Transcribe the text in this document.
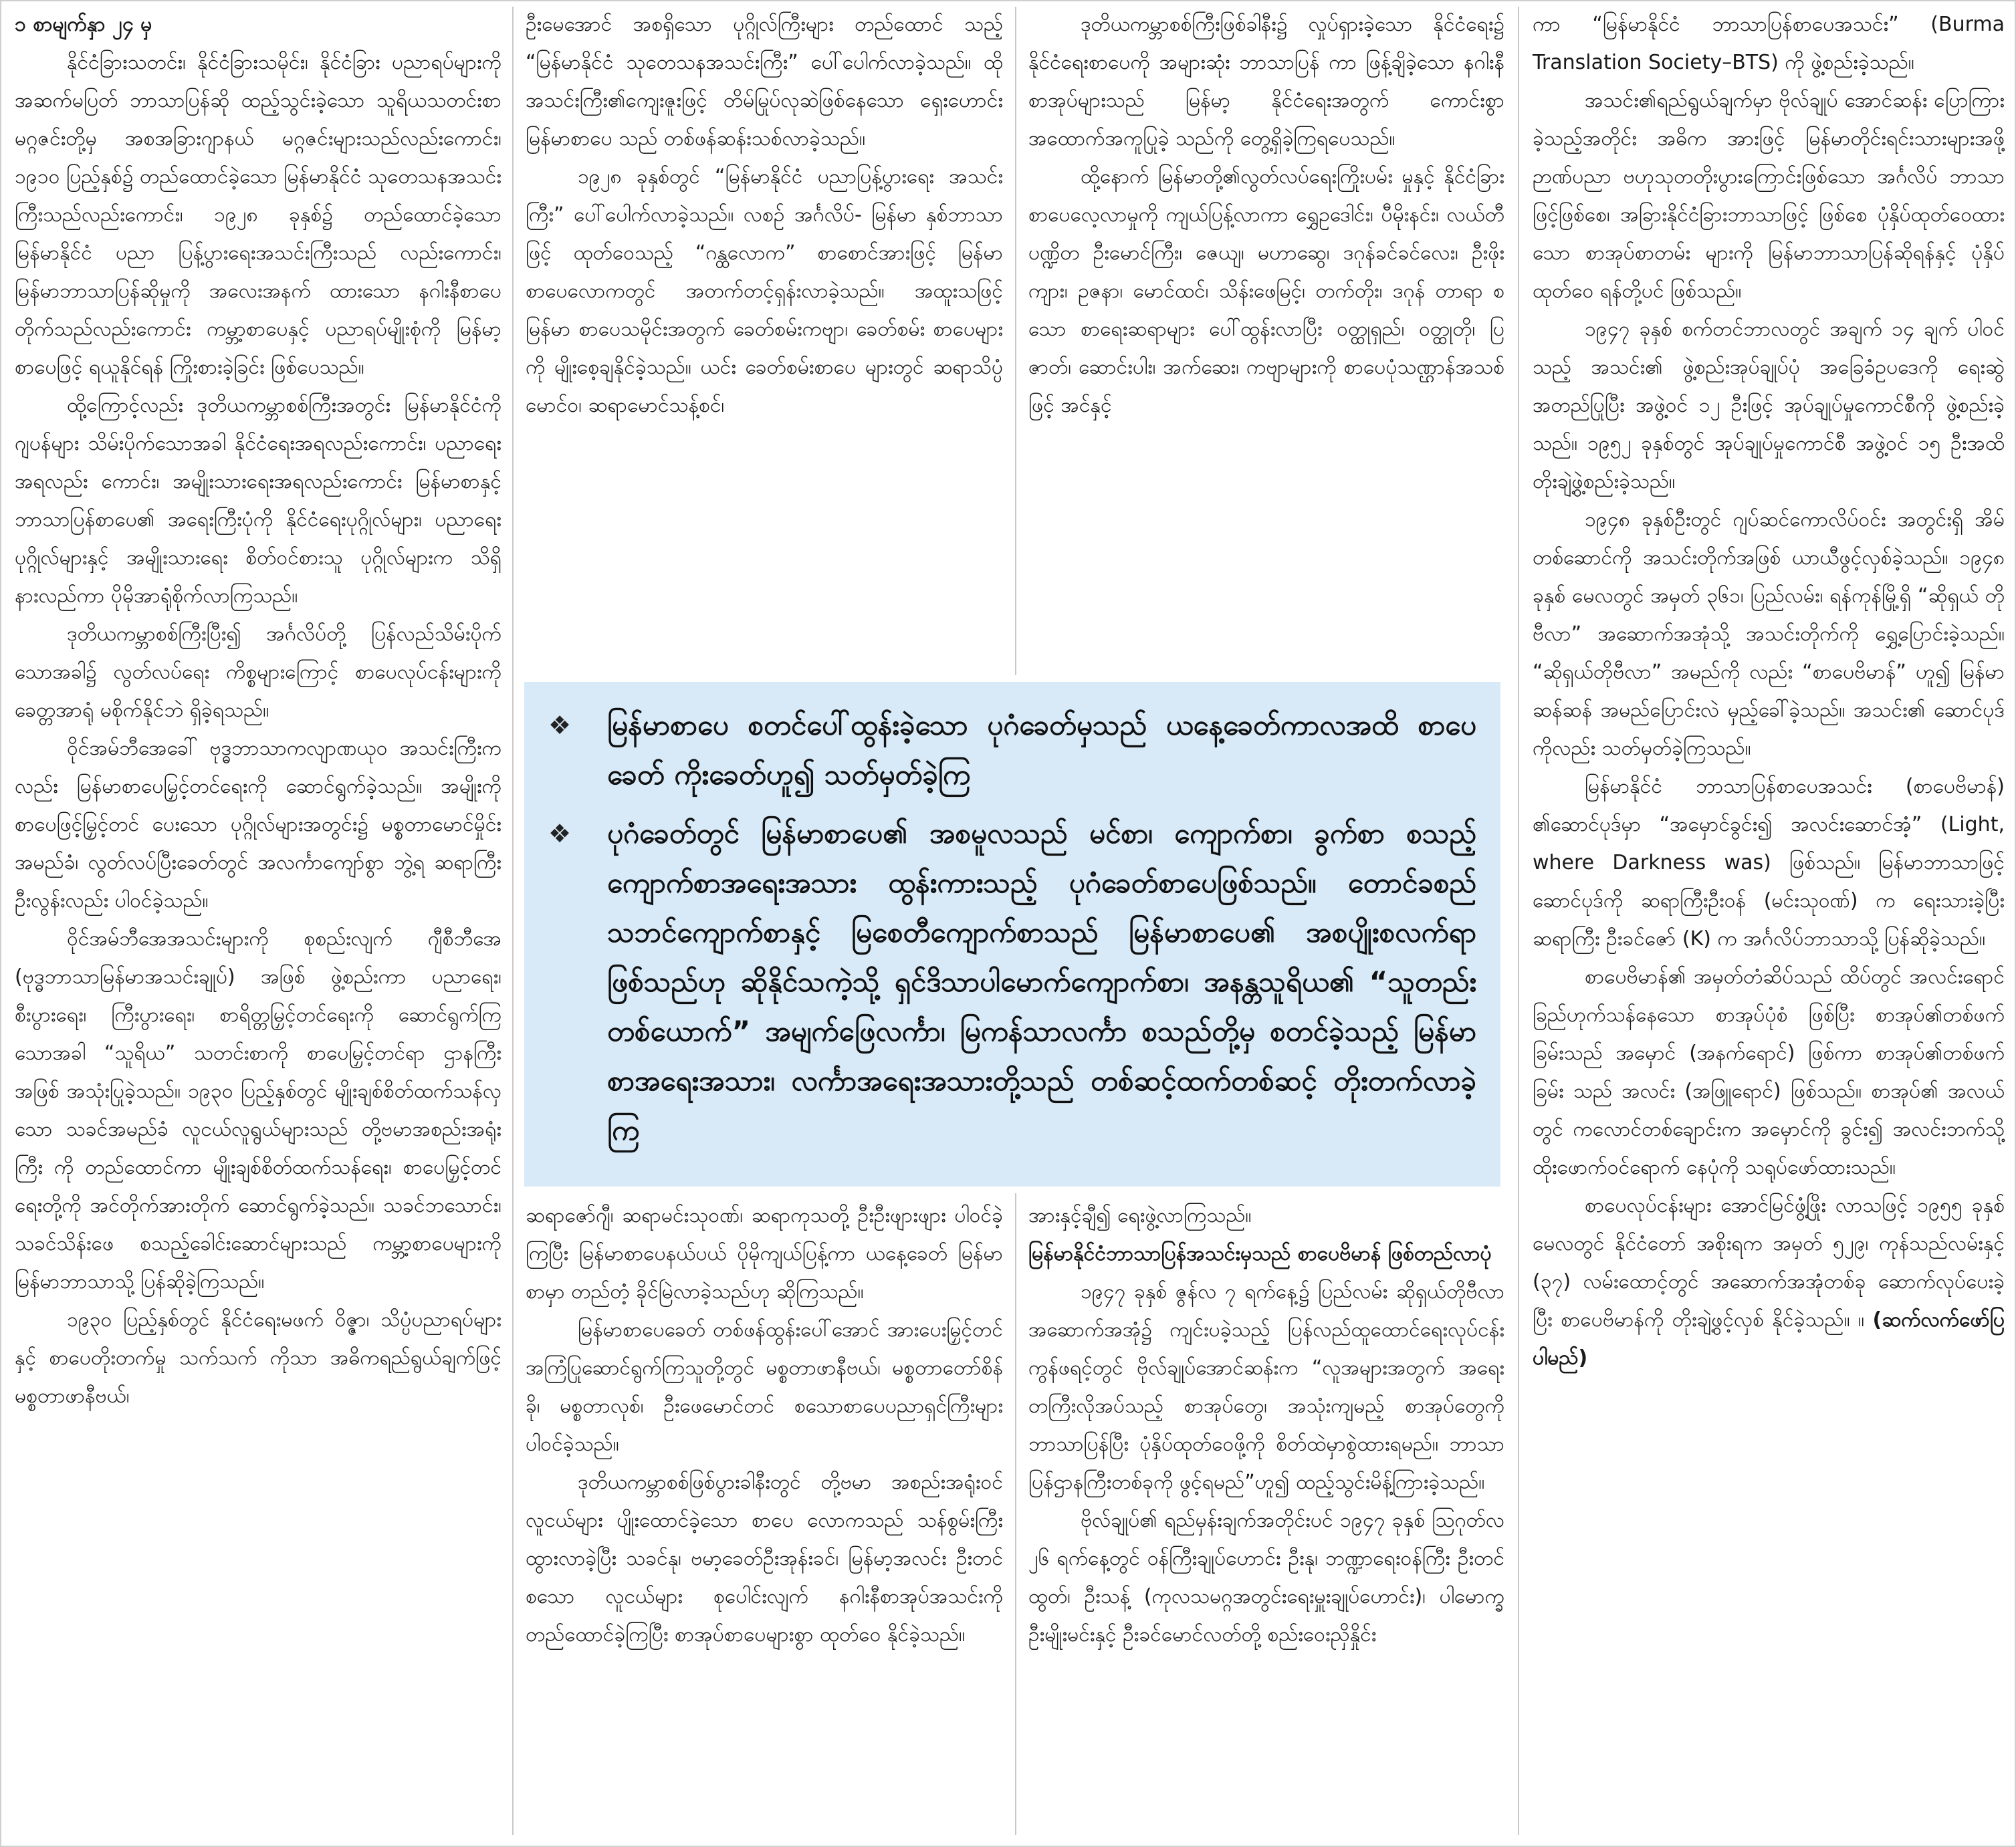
⁠၁ စာမျက်နှာ ၂၄ မှ

နိုင်ငံခြားသတင်း၊ နိုင်ငံခြားသမိုင်း၊ နိုင်ငံခြား ပညာရပ်များကို အဆက်မပြတ် ဘာသာပြန်ဆို ထည့်သွင်းခဲ့သော သူရိယသတင်းစာ မဂ္ဂဇင်းတို့မှ အစအခြားဂျာနယ် မဂ္ဂဇင်းများသည်လည်းကောင်း၊ ၁၉၁၀ ပြည့်နှစ်၌ တည်ထောင်ခဲ့သော မြန်မာနိုင်ငံ သုတေသနအသင်းကြီးသည်လည်းကောင်း၊ ၁၉၂၈ ခုနှစ်၌ တည်ထောင်ခဲ့သော မြန်မာနိုင်ငံ ပညာ ပြန့်ပွားရေးအသင်းကြီးသည် လည်းကောင်း၊ မြန်မာဘာသာပြန်ဆိုမှုကို အလေးအနက် ထားသော နဂါးနီစာပေတိုက်သည်လည်းကောင်း ကမ္ဘာ့စာပေနှင့် ပညာရပ်မျိုးစုံကို မြန်မာ့စာပေဖြင့် ရယူနိုင်ရန် ကြိုးစားခဲ့ခြင်း ဖြစ်ပေသည်။

ထို့ကြောင့်လည်း ဒုတိယကမ္ဘာစစ်ကြီးအတွင်း မြန်မာနိုင်ငံကို ဂျပန်များ သိမ်းပိုက်သောအခါ နိုင်ငံရေးအရလည်းကောင်း၊ ပညာရေးအရလည်း ကောင်း၊ အမျိုးသားရေးအရလည်းကောင်း မြန်မာစာနှင့် ဘာသာပြန်စာပေ၏ အရေးကြီးပုံကို နိုင်ငံရေးပုဂ္ဂိုလ်များ၊ ပညာရေးပုဂ္ဂိုလ်များနှင့် အမျိုးသားရေး စိတ်ဝင်စားသူ ပုဂ္ဂိုလ်များက သိရှိနားလည်ကာ ပိုမိုအာရုံစိုက်လာကြသည်။

ဒုတိယကမ္ဘာစစ်ကြီးပြီး၍ အင်္ဂလိပ်တို့ ပြန်လည်သိမ်းပိုက်သောအခါ၌ လွတ်လပ်ရေး ကိစ္စများကြောင့် စာပေလုပ်ငန်းများကို ခေတ္တအာရုံ မစိုက်နိုင်ဘဲ ရှိခဲ့ရသည်။

ဝိုင်အမ်ဘီအေခေါ် ဗုဒ္ဓဘာသာကလျာဏယုဝ အသင်းကြီးကလည်း မြန်မာစာပေမြှင့်တင်ရေးကို ဆောင်ရွက်ခဲ့သည်။ အမျိုးကို စာပေဖြင့်မြှင့်တင် ပေးသော ပုဂ္ဂိုလ်များအတွင်း၌ မစ္စတာမောင်မှိုင်း အမည်ခံ၊ လွတ်လပ်ပြီးခေတ်တွင် အလင်္ကာကျော်စွာ ဘွဲ့ရ ဆရာကြီးဦးလွန်းလည်း ပါဝင်ခဲ့သည်။

ဝိုင်အမ်ဘီအေအသင်းများကို စုစည်းလျက် ဂျီစီဘီအေ (ဗုဒ္ဓဘာသာမြန်မာအသင်းချုပ်) အဖြစ် ဖွဲ့စည်းကာ ပညာရေး၊ စီးပွားရေး၊ ကြီးပွားရေး၊ စာရိတ္တမြှင့်တင်ရေးကို ဆောင်ရွက်ကြသောအခါ “သူရိယ” သတင်းစာကို စာပေမြှင့်တင်ရာ ဌာနကြီး အဖြစ် အသုံးပြုခဲ့သည်။ ၁၉၃၀ ပြည့်နှစ်တွင် မျိုးချစ်စိတ်ထက်သန်လှသော သခင်အမည်ခံ လူငယ်လူရွယ်များသည် တို့ဗမာအစည်းအရုံးကြီး ကို တည်ထောင်ကာ မျိုးချစ်စိတ်ထက်သန်ရေး၊ စာပေမြှင့်တင်ရေးတို့ကို အင်တိုက်အားတိုက် ဆောင်ရွက်ခဲ့သည်။ သခင်ဘသောင်း၊ သခင်သိန်းဖေ စသည့်ခေါင်းဆောင်များသည် ကမ္ဘာ့စာပေများကို မြန်မာဘာသာသို့ ပြန်ဆိုခဲ့ကြသည်။

၁၉၃၀ ပြည့်နှစ်တွင် နိုင်ငံရေးမဖက် ဝိဇ္ဇာ၊ သိပ္ပံပညာရပ်များနှင့် စာပေတိုးတက်မှု သက်သက် ကိုသာ အဓိကရည်ရွယ်ချက်ဖြင့် မစ္စတာဖာနီဗယ်၊

ဦးမေအောင် အစရှိသော ပုဂ္ဂိုလ်ကြီးများ တည်ထောင် သည့် “မြန်မာနိုင်ငံ သုတေသနအသင်းကြီး” ပေါ်ပေါက်လာခဲ့သည်။ ထိုအသင်းကြီး၏ကျေးဇူးဖြင့် တိမ်မြုပ်လုဆဲဖြစ်နေသော ရှေးဟောင်းမြန်မာစာပေ သည် တစ်ဖန်ဆန်းသစ်လာခဲ့သည်။

၁၉၂၈ ခုနှစ်တွင် “မြန်မာနိုင်ငံ ပညာပြန့်ပွားရေး အသင်းကြီး” ပေါ်ပေါက်လာခဲ့သည်။ လစဉ် အင်္ဂလိပ်- မြန်မာ နှစ်ဘာသာဖြင့် ထုတ်ဝေသည့် “ဂန္ထလောက” စာစောင်အားဖြင့် မြန်မာစာပေလောကတွင် အတက်တင့်ရှန်းလာခဲ့သည်။ အထူးသဖြင့် မြန်မာ စာပေသမိုင်းအတွက် ခေတ်စမ်းကဗျာ၊ ခေတ်စမ်း စာပေများကို မျိုးစေ့ချနိုင်ခဲ့သည်။ ယင်း ခေတ်စမ်းစာပေ များတွင် ဆရာသိပ္ပံမောင်ဝ၊ ဆရာမောင်သန့်စင်၊

ဒုတိယကမ္ဘာစစ်ကြီးဖြစ်ခါနီး၌ လှုပ်ရှားခဲ့သော နိုင်ငံရေး၌ နိုင်ငံရေးစာပေကို အများဆုံး ဘာသာပြန် ကာ ဖြန့်ချိခဲ့သော နဂါးနီစာအုပ်များသည် မြန်မာ့ နိုင်ငံရေးအတွက် ကောင်းစွာအထောက်အကူပြုခဲ့ သည်ကို တွေ့ရှိခဲ့ကြရပေသည်။

ထို့နောက် မြန်မာတို့၏လွတ်လပ်ရေးကြိုးပမ်း မှုနှင့် နိုင်ငံခြားစာပေလေ့လာမှုကို ကျယ်ပြန့်လာကာ ရွှေဥဒေါင်း၊ ပီမိုးနင်း၊ လယ်တီပဏ္ဍိတ ဦးမောင်ကြီး၊ ဇေယျ၊ မဟာဆွေ၊ ဒဂုန်ခင်ခင်လေး၊ ဦးဖိုးကျား၊ ဥဇနာ၊ မောင်ထင်၊ သိန်းဖေမြင့်၊ တက်တိုး၊ ဒဂုန် တာရာ စသော စာရေးဆရာများ ပေါ်ထွန်းလာပြီး ဝတ္ထုရှည်၊ ဝတ္ထုတို၊ ပြဇာတ်၊ ဆောင်းပါး၊ အက်ဆေး၊ ကဗျာများကို စာပေပုံသဏ္ဌာန်အသစ်ဖြင့် အင်နှင့်

ကာ “မြန်မာနိုင်ငံ ဘာသာပြန်စာပေအသင်း” (Burma Translation Society–BTS) ကို ဖွဲ့စည်းခဲ့သည်။

အသင်း၏ရည်ရွယ်ချက်မှာ ဗိုလ်ချုပ် အောင်ဆန်း ပြောကြားခဲ့သည့်အတိုင်း အဓိက အားဖြင့် မြန်မာတိုင်းရင်းသားများအဖို့ ဉာဏ်ပညာ ဗဟုသုတတိုးပွားကြောင်းဖြစ်သော အင်္ဂလိပ် ဘာသာဖြင့်ဖြစ်စေ၊ အခြားနိုင်ငံခြားဘာသာဖြင့် ဖြစ်စေ ပုံနှိပ်ထုတ်ဝေထားသော စာအုပ်စာတမ်း များကို မြန်မာဘာသာပြန်ဆိုရန်နှင့် ပုံနှိပ်ထုတ်ဝေ ရန်တို့ပင် ဖြစ်သည်။

၁၉၄၇ ခုနှစ် စက်တင်ဘာလတွင် အချက် ၁၄ ချက် ပါဝင်သည့် အသင်း၏ ဖွဲ့စည်းအုပ်ချုပ်ပုံ အခြေခံဥပဒေကို ရေးဆွဲအတည်ပြုပြီး အဖွဲ့ဝင် ၁၂ ဦးဖြင့် အုပ်ချုပ်မှုကောင်စီကို ဖွဲ့စည်းခဲ့သည်။ ၁၉၅၂ ခုနှစ်တွင် အုပ်ချုပ်မှုကောင်စီ အဖွဲ့ဝင် ၁၅ ဦးအထိ တိုးချဲ့ဖွဲ့စည်းခဲ့သည်။

၁၉၄၈ ခုနှစ်ဦးတွင် ဂျပ်ဆင်ကောလိပ်ဝင်း အတွင်းရှိ အိမ်တစ်ဆောင်ကို အသင်းတိုက်အဖြစ် ယာယီဖွင့်လှစ်ခဲ့သည်။ ၁၉၄၈ ခုနှစ် မေလတွင် အမှတ် ၃၆၁၊ ပြည်လမ်း၊ ရန်ကုန်မြို့ရှိ “ဆိုရှယ် တိုဗီလာ” အဆောက်အအုံသို့ အသင်းတိုက်ကို ရွှေ့ပြောင်းခဲ့သည်။ “ဆိုရှယ်တိုဗီလာ” အမည်ကို လည်း “စာပေဗိမာန်” ဟူ၍ မြန်မာဆန်ဆန် အမည်ပြောင်းလဲ မှည့်ခေါ်ခဲ့သည်။ အသင်း၏ ဆောင်ပုဒ်ကိုလည်း သတ်မှတ်ခဲ့ကြသည်။

မြန်မာနိုင်ငံ ဘာသာပြန်စာပေအသင်း (စာပေဗိမာန်) ၏ဆောင်ပုဒ်မှာ “အမှောင်ခွင်း၍ အလင်းဆောင်အံ့” (Light, where Darkness was) ဖြစ်သည်။ မြန်မာဘာသာဖြင့် ဆောင်ပုဒ်ကို ဆရာကြီးဦးဝန် (မင်းသုဝဏ်) က ရေးသားခဲ့ပြီး ဆရာကြီး ဦးခင်ဇော် (K) က အင်္ဂလိပ်ဘာသာသို့ ပြန်ဆိုခဲ့သည်။

စာပေဗိမာန်၏ အမှတ်တံဆိပ်သည် ထိပ်တွင် အလင်းရောင်ခြည်ဟုက်သန်နေသော စာအုပ်ပုံစံ ဖြစ်ပြီး စာအုပ်၏တစ်ဖက်ခြမ်းသည် အမှောင် (အနက်ရောင်) ဖြစ်ကာ စာအုပ်၏တစ်ဖက်ခြမ်း သည် အလင်း (အဖြူရောင်) ဖြစ်သည်။ စာအုပ်၏ အလယ်တွင် ကလောင်တစ်ချောင်းက အမှောင်ကို ခွင်း၍ အလင်းဘက်သို့ ထိုးဖောက်ဝင်ရောက် နေပုံကို သရုပ်ဖော်ထားသည်။

စာပေလုပ်ငန်းများ အောင်မြင်ဖွံ့ဖြိုး လာသဖြင့် ၁၉၅၅ ခုနှစ် မေလတွင် နိုင်ငံတော် အစိုးရက အမှတ် ၅၂၉၊ ကုန်သည်လမ်းနှင့် (၃၇) လမ်းထောင့်တွင် အဆောက်အအုံတစ်ခု ဆောက်လုပ်ပေးခဲ့ပြီး စာပေဗိမာန်ကို တိုးချဲ့ဖွင့်လှစ် နိုင်ခဲ့သည်။ ။ (ဆက်လက်ဖော်ပြပါမည်)

❖	မြန်မာစာပေ စတင်ပေါ်ထွန်းခဲ့သော ပုဂံခေတ်မှသည် ယနေ့ခေတ်ကာလအထိ စာပေခေတ် ကိုးခေတ်ဟူ၍ သတ်မှတ်ခဲ့ကြ
❖	ပုဂံခေတ်တွင် မြန်မာစာပေ၏ အစမူလသည် မင်စာ၊ ကျောက်စာ၊ ခွက်စာ စသည့်ကျောက်စာအရေးအသား ထွန်းကားသည့် ပုဂံခေတ်စာပေဖြစ်သည်။ တောင်ခစည်သဘင်ကျောက်စာနှင့် မြစေတီကျောက်စာသည် မြန်မာစာပေ၏ အစပျိုးစလက်ရာဖြစ်သည်ဟု ဆိုနိုင်သကဲ့သို့ ရှင်ဒိသာပါမောက်ကျောက်စာ၊ အနန္တသူရိယ၏ “သူတည်းတစ်ယောက်” အမျက်ဖြေလင်္ကာ၊ မြကန်သာလင်္ကာ စသည်တို့မှ စတင်ခဲ့သည့် မြန်မာစာအရေးအသား၊ လင်္ကာအရေးအသားတို့သည် တစ်ဆင့်ထက်တစ်ဆင့် တိုးတက်လာခဲ့ကြ

ဆရာဇော်ဂျီ၊ ဆရာမင်းသုဝဏ်၊ ဆရာကုသတို့ ဦးဦးဖျားဖျား ပါဝင်ခဲ့ကြပြီး မြန်မာစာပေနယ်ပယ် ပိုမိုကျယ်ပြန့်ကာ ယနေ့ခေတ် မြန်မာစာမှာ တည်တံ့ ခိုင်မြဲလာခဲ့သည်ဟု ဆိုကြသည်။

မြန်မာစာပေခေတ် တစ်ဖန်ထွန်းပေါ်အောင် အားပေးမြှင့်တင် အကြံပြုဆောင်ရွက်ကြသူတို့တွင် မစ္စတာဖာနီဗယ်၊ မစ္စတာတော်စိန်ခို၊ မစ္စတာလုစ်၊ ဦးဖေမောင်တင် စသောစာပေပညာရှင်ကြီးများ ပါဝင်ခဲ့သည်။

ဒုတိယကမ္ဘာစစ်ဖြစ်ပွားခါနီးတွင် တို့ဗမာ အစည်းအရုံးဝင်လူငယ်များ ပျိုးထောင်ခဲ့သော စာပေ လောကသည် သန်စွမ်းကြီးထွားလာခဲ့ပြီး သခင်နု၊ ဗမာ့ခေတ်ဦးအုန်းခင်၊ မြန်မာ့အလင်း ဦးတင် စသော လူငယ်များ စုပေါင်းလျက် နဂါးနီစာအုပ်အသင်းကို တည်ထောင်ခဲ့ကြပြီး စာအုပ်စာပေများစွာ ထုတ်ဝေ နိုင်ခဲ့သည်။

အားနှင့်ချီ၍ ရေးဖွဲ့လာကြသည်။

မြန်မာနိုင်ငံဘာသာပြန်အသင်းမှသည် စာပေဗိမာန် ဖြစ်တည်လာပုံ

၁၉၄၇ ခုနှစ် ဇွန်လ ၇ ရက်နေ့၌ ပြည်လမ်း ဆိုရှယ်တိုဗီလာအဆောက်အအုံ၌ ကျင်းပခဲ့သည့် ပြန်လည်ထူထောင်ရေးလုပ်ငန်း ကွန်ဖရင့်တွင် ဗိုလ်ချုပ်အောင်ဆန်းက “လူအများအတွက် အရေး တကြီးလိုအပ်သည့် စာအုပ်တွေ၊ အသုံးကျမည့် စာအုပ်တွေကို ဘာသာပြန်ပြီး ပုံနှိပ်ထုတ်ဝေဖို့ကို စိတ်ထဲမှာစွဲထားရမည်။ ဘာသာပြန်ဌာနကြီးတစ်ခုကို ဖွင့်ရမည်”ဟူ၍ ထည့်သွင်းမိန့်ကြားခဲ့သည်။

ဗိုလ်ချုပ်၏ ရည်မှန်းချက်အတိုင်းပင် ၁၉၄၇ ခုနှစ် ဩဂုတ်လ ၂၆ ရက်နေ့တွင် ဝန်ကြီးချုပ်ဟောင်း ဦးနု၊ ဘဏ္ဍာရေးဝန်ကြီး ဦးတင်ထွတ်၊ ဦးသန့် (ကုလသမဂ္ဂအတွင်းရေးမှူးချုပ်ဟောင်း)၊ ပါမောက္ခ ဦးမျိုးမင်းနှင့် ဦးခင်မောင်လတ်တို့ စည်းဝေးညှိနှိုင်း
